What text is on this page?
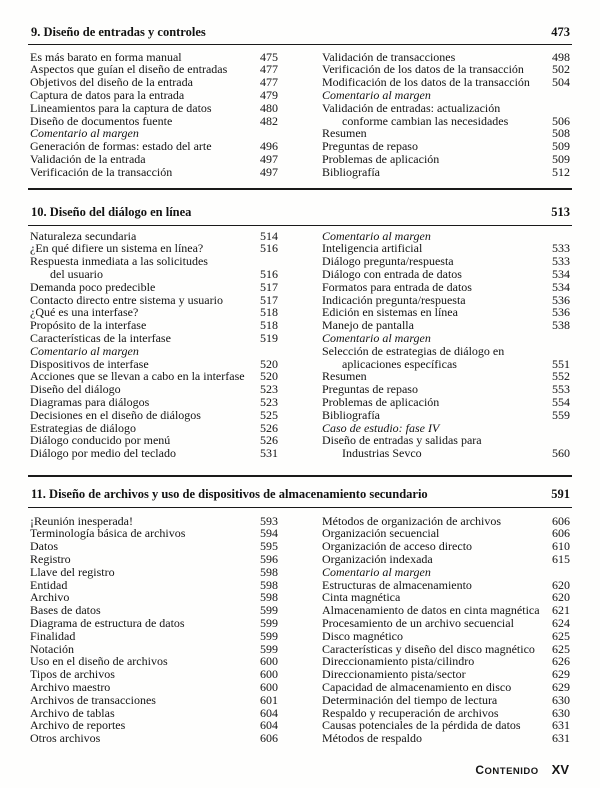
9. Diseño de entradas y controles	473
Es más barato en forma manual	475
Aspectos que guían el diseño de entradas	477
Objetivos del diseño de la entrada	477
Captura de datos para la entrada	479
Lineamientos para la captura de datos	480
Diseño de documentos fuente	482
Comentario al margen
Generación de formas: estado del arte	496
Validación de la entrada	497
Verificación de la transacción	497
Validación de transacciones	498
Verificación de los datos de la transacción 502
Modificación de los datos de la transacción 504
Comentario al margen
Validación de entradas: actualización
conforme cambian las necesidades	506
Resumen	508
Preguntas de repaso	509
Problemas de aplicación	509
Bibliografía	512
10. Diseño del diálogo en línea	513
Naturaleza secundaria	514
¿En qué difiere un sistema en línea?	516
Respuesta inmediata a las solicitudes
del usuario	516
Demanda poco predecible	517
Contacto directo entre sistema y usuario	517
¿Qué es una interfase?	518
Propósito de la interfase	518
Características de la interfase	519
Comentario al margen
Dispositivos de interfase	520
Acciones que se llevan a cabo en la interfase 520
Diseño del diálogo	523
Diagramas para diálogos	523
Decisiones en el diseño de diálogos	525
Estrategias de diálogo	526
Diálogo conducido por menú	526
Diálogo por medio del teclado	531
Comentario al margen
Inteligencia artificial	533
Diálogo pregunta/respuesta	533
Diálogo con entrada de datos	534
Formatos para entrada de datos	534
Indicación pregunta/respuesta	536
Edición en sistemas en línea	536
Manejo de pantalla	538
Comentario al margen
Selección de estrategias de diálogo en
aplicaciones específicas	551
Resumen	552
Preguntas de repaso	553
Problemas de aplicación	554
Bibliografía	559
Caso de estudio: fase IV
Diseño de entradas y salidas para
Industrias Sevco	560
11. Diseño de archivos y uso de dispositivos de almacenamiento secundario	591
¡Reunión inesperada!	593
Terminología básica de archivos	594
Datos	595
Registro	596
Llave del registro	598
Entidad	598
Archivo	598
Bases de datos	599
Diagrama de estructura de datos	599
Finalidad	599
Notación	599
Uso en el diseño de archivos	600
Tipos de archivos	600
Archivo maestro	600
Archivos de transacciones	601
Archivo de tablas	604
Archivo de reportes	604
Otros archivos	606
Métodos de organización de archivos	606
Organización secuencial	606
Organización de acceso directo	610
Organización indexada	615
Comentario al margen
Estructuras de almacenamiento	620
Cinta magnética	620
Almacenamiento de datos en cinta magnética 621
Procesamiento de un archivo secuencial	624
Disco magnético	625
Características y diseño del disco magnético 625
Direccionamiento pista/cilindro	626
Direccionamiento pista/sector	629
Capacidad de almacenamiento en disco	629
Determinación del tiempo de lectura	630
Respaldo y recuperación de archivos	630
Causas potenciales de la pérdida de datos	631
Métodos de respaldo	631
CONTENIDO XV
